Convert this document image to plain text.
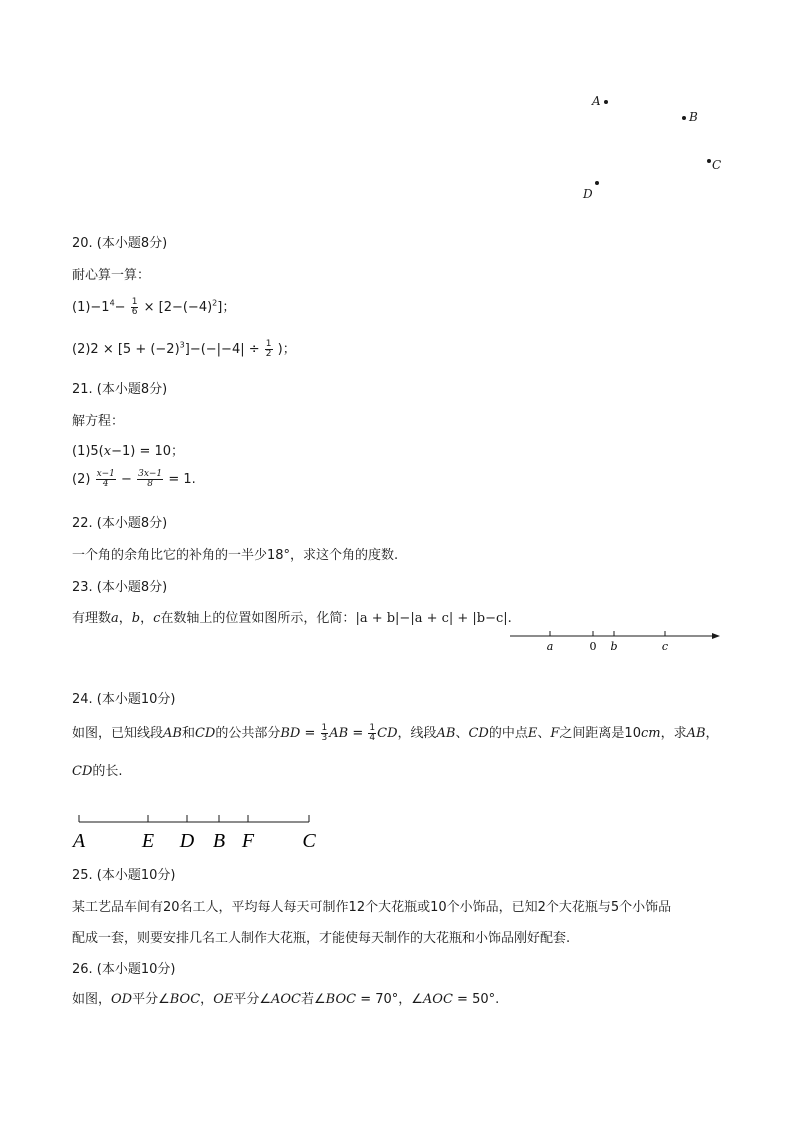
A
B
C
D
20. (本小题8分)
耐心算一算：
$(1)-1^4- \frac{1}{6} \times [2-(-4)^2]$；
$(2)2 \times [5 + (-2)^3]-(-|-4| \div \frac{1}{2}$ )；
21. (本小题8分)
解方程：
(1)5(x−1) = 10；
$(2) \frac{x-1}{4} - \frac{3x-1}{8} = 1$.
22. (本小题8分)
一个角的余角比它的补角的一半少18°，求这个角的度数.
23. (本小题8分)
有理数a，b，c在数轴上的位置如图所示，化简：|a + b|−|a + c| + |b−c|.
a	0 b	c
24. (本小题10分)
如图，已知线段AB和CD的公共部分BD = $\frac{1}{3}$ AB = $\frac{1}{4}$ CD，线段AB、CD的中点E、F之间距离是10cm，求AB，
CD的长.
A	E D B F C
25. (本小题10分)
某工艺品车间有20名工人，平均每人每天可制作12个大花瓶或10个小饰品，已知2个大花瓶与5个小饰品
配成一套，则要安排几名工人制作大花瓶，才能使每天制作的大花瓶和小饰品刚好配套.
26. (本小题10分)
如图，OD平分∠BOC，OE平分∠AOC若∠BOC = 70°，∠AOC = 50°.
